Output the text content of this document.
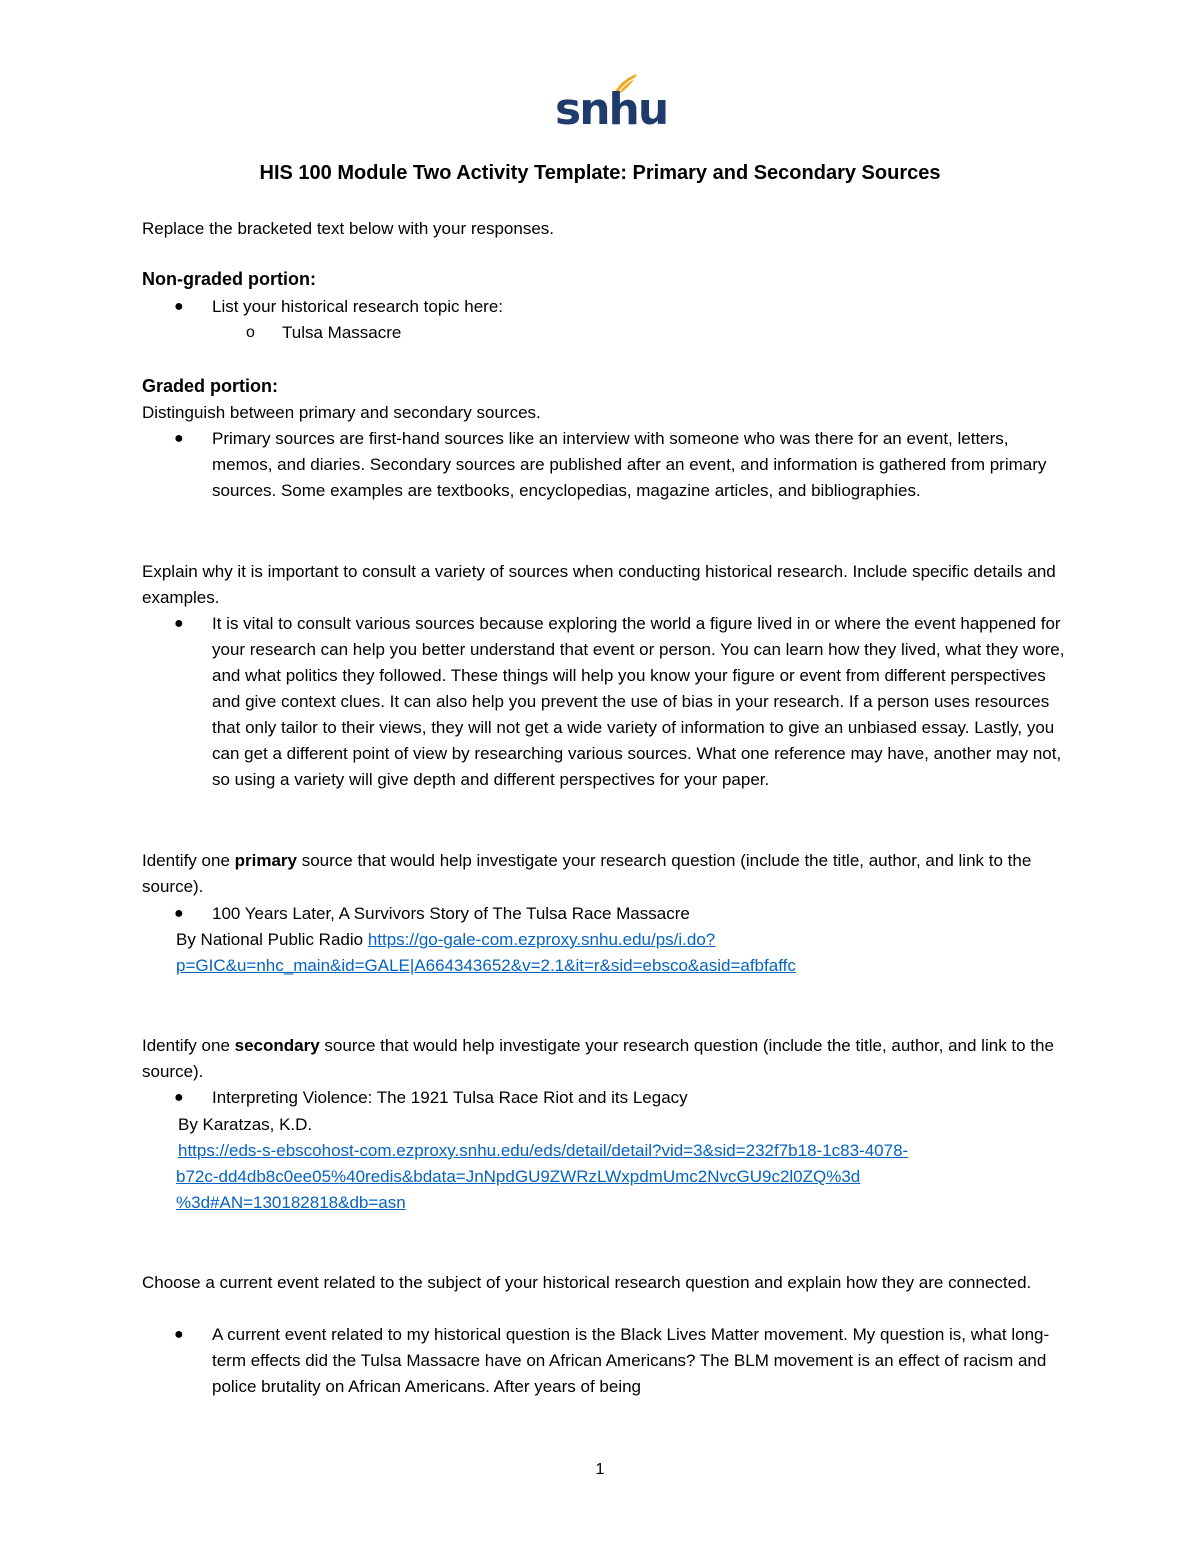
snhu
HIS 100 Module Two Activity Template: Primary and Secondary Sources
Replace the bracketed text below with your responses.
Non-graded portion:
● List your historical research topic here:
o Tulsa Massacre
Graded portion:
Distinguish between primary and secondary sources.
● Primary sources are first-hand sources like an interview with someone who was there for an event, letters, memos, and diaries. Secondary sources are published after an event, and information is gathered from primary sources. Some examples are textbooks, encyclopedias, magazine articles, and bibliographies.
Explain why it is important to consult a variety of sources when conducting historical research. Include specific details and examples.
● It is vital to consult various sources because exploring the world a figure lived in or where the event happened for your research can help you better understand that event or person. You can learn how they lived, what they wore, and what politics they followed. These things will help you know your figure or event from different perspectives and give context clues. It can also help you prevent the use of bias in your research. If a person uses resources that only tailor to their views, they will not get a wide variety of information to give an unbiased essay. Lastly, you can get a different point of view by researching various sources. What one reference may have, another may not, so using a variety will give depth and different perspectives for your paper.
Identify one primary source that would help investigate your research question (include the title, author, and link to the source).
● 100 Years Later, A Survivors Story of The Tulsa Race Massacre
By National Public Radio https://go-gale-com.ezproxy.snhu.edu/ps/i.do?
p=GIC&u=nhc_main&id=GALE|A664343652&v=2.1&it=r&sid=ebsco&asid=afbfaffc
Identify one secondary source that would help investigate your research question (include the title, author, and link to the source).
● Interpreting Violence: The 1921 Tulsa Race Riot and its Legacy
By Karatzas, K.D.
https://eds-s-ebscohost-com.ezproxy.snhu.edu/eds/detail/detail?vid=3&sid=232f7b18-1c83-4078-
b72c-dd4db8c0ee05%40redis&bdata=JnNpdGU9ZWRzLWxpdmUmc2NvcGU9c2l0ZQ%3d
%3d#AN=130182818&db=asn
Choose a current event related to the subject of your historical research question and explain how they are connected.
● A current event related to my historical question is the Black Lives Matter movement. My question is, what long-term effects did the Tulsa Massacre have on African Americans? The BLM movement is an effect of racism and police brutality on African Americans. After years of being
1
